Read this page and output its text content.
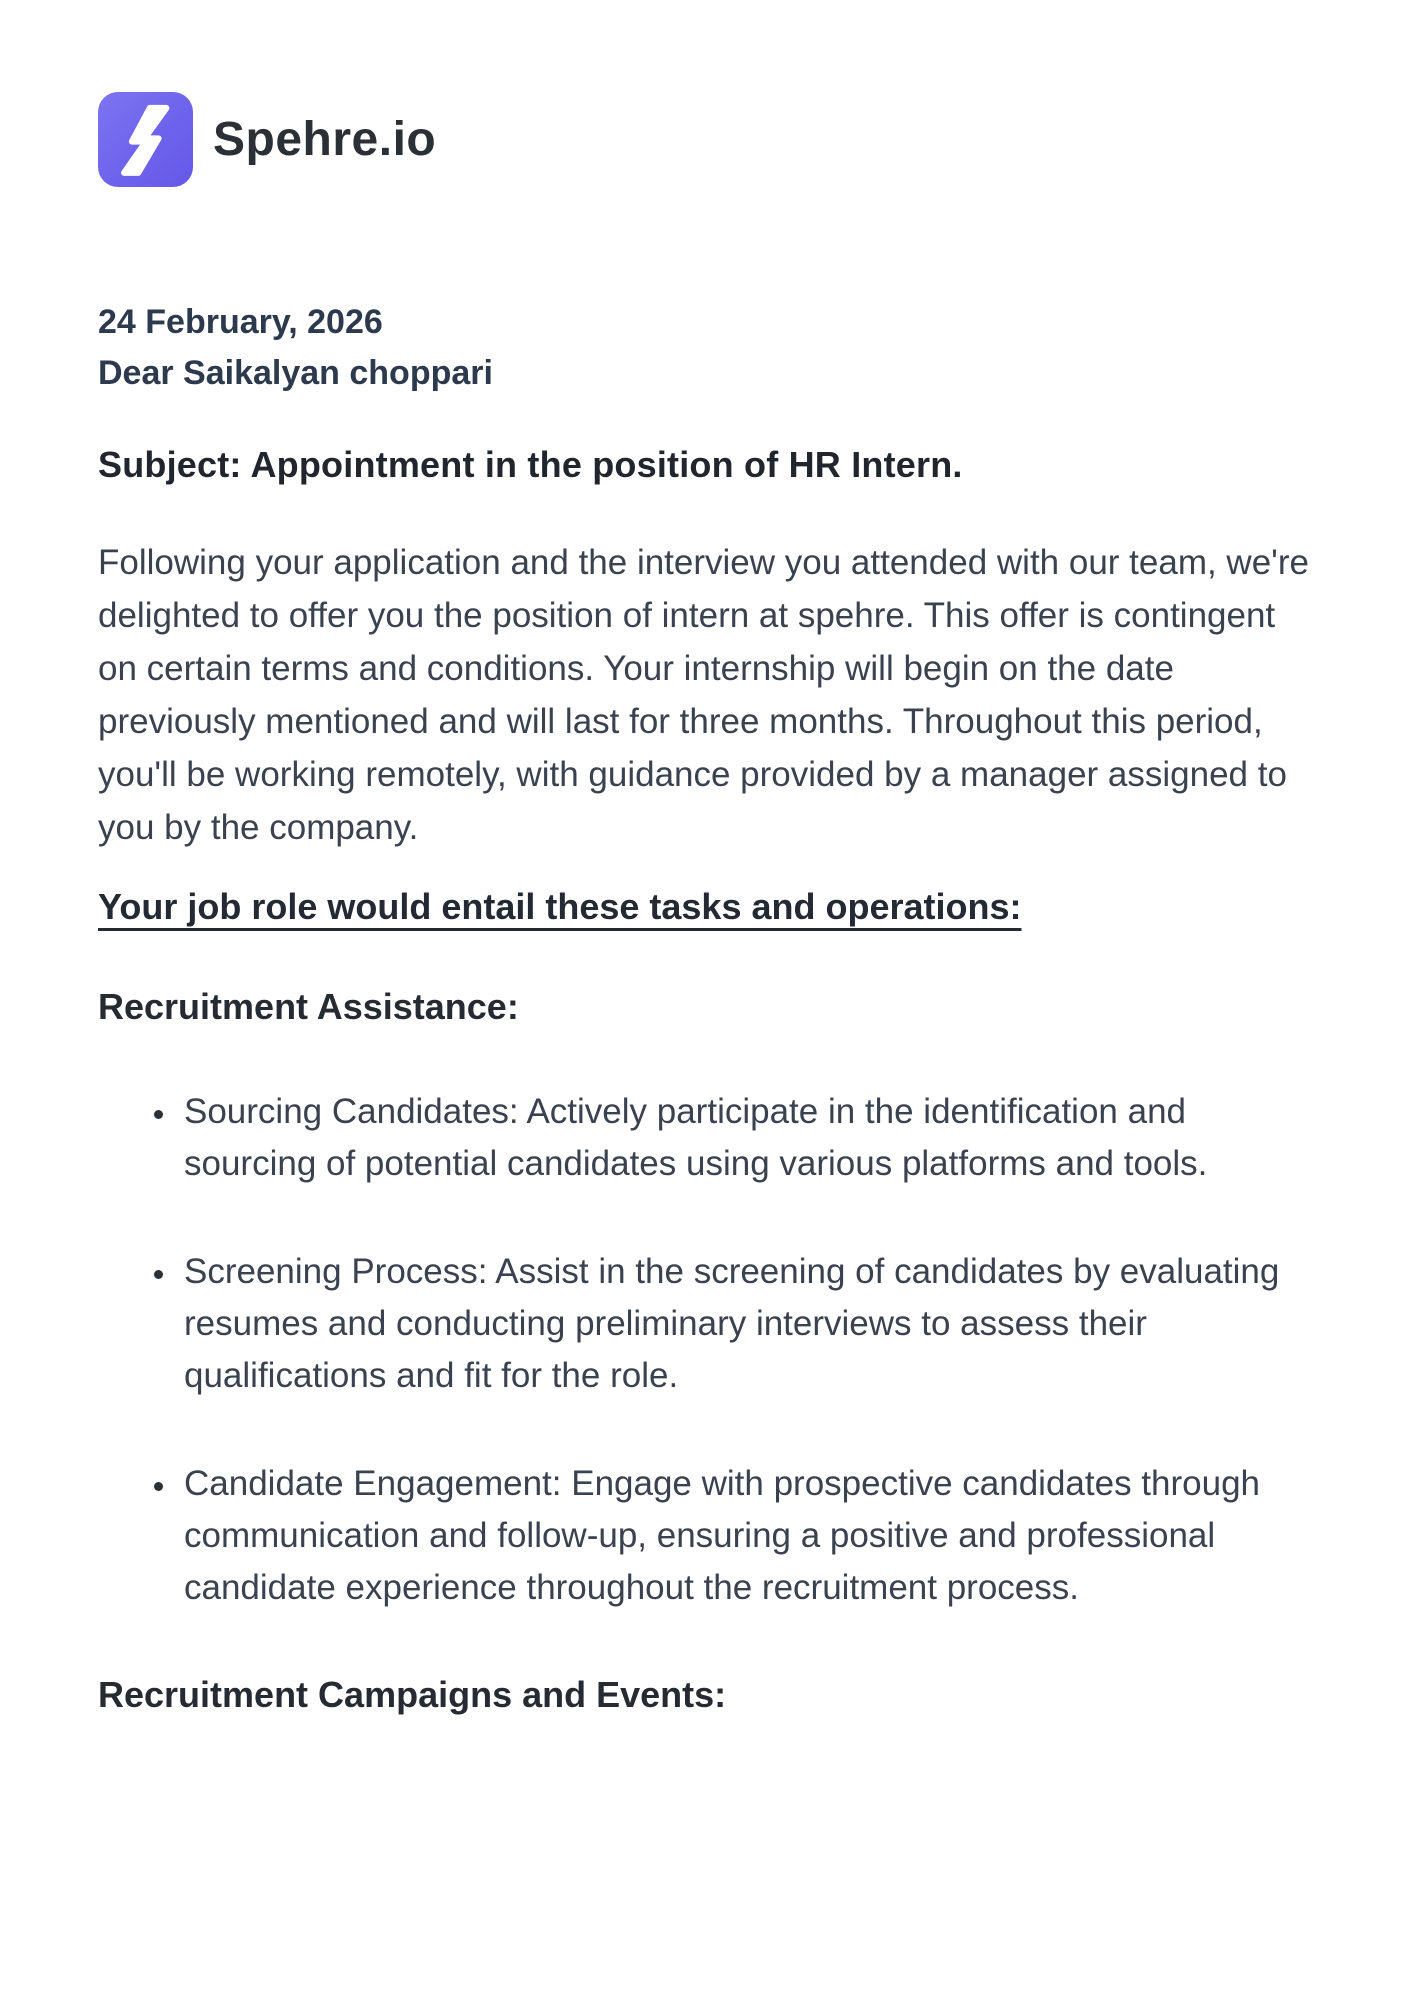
Spehre.io
24 February, 2026
Dear Saikalyan choppari
Subject: Appointment in the position of HR Intern.

Following your application and the interview you attended with our team, we're delighted to offer you the position of intern at spehre. This offer is contingent on certain terms and conditions. Your internship will begin on the date previously mentioned and will last for three months. Throughout this period, you'll be working remotely, with guidance provided by a manager assigned to you by the company.

Your job role would entail these tasks and operations:
Recruitment Assistance:
• Sourcing Candidates: Actively participate in the identification and sourcing of potential candidates using various platforms and tools.
• Screening Process: Assist in the screening of candidates by evaluating resumes and conducting preliminary interviews to assess their qualifications and fit for the role.
• Candidate Engagement: Engage with prospective candidates through communication and follow-up, ensuring a positive and professional candidate experience throughout the recruitment process.
Recruitment Campaigns and Events:
